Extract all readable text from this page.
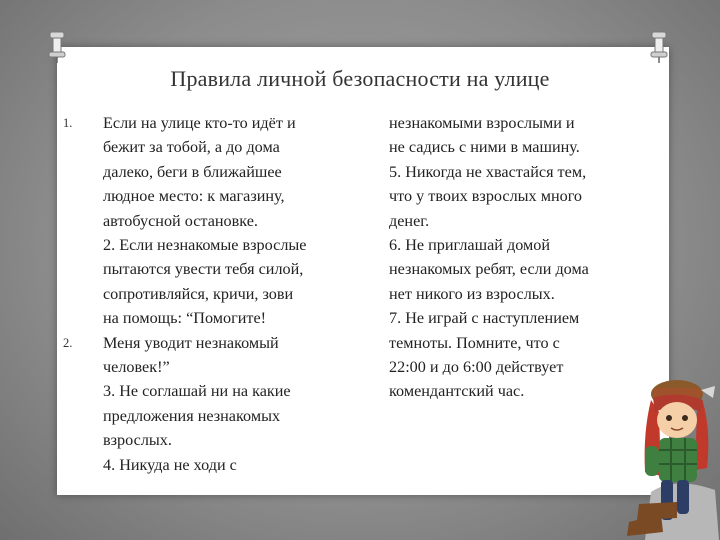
Правила личной безопасности на улице
1.
2.
Если на улице кто-то идёт и
бежит за тобой, а до дома
далеко, беги в ближайшее
людное место: к магазину,
автобусной остановке.
2. Если незнакомые взрослые
пытаются увести тебя силой,
сопротивляйся, кричи, зови
на помощь: “Помогите!
Меня уводит незнакомый
человек!”
3. Не соглашай ни на какие
предложения незнакомых
взрослых.
4. Никуда не ходи с
незнакомыми взрослыми и
не садись с ними в машину.
5. Никогда не хвастайся тем,
что у твоих взрослых много
денег.
6. Не приглашай домой
незнакомых ребят, если дома
нет никого из взрослых.
7. Не играй с наступлением
темноты. Помните, что с
22:00 и до 6:00 действует
комендантский час.
